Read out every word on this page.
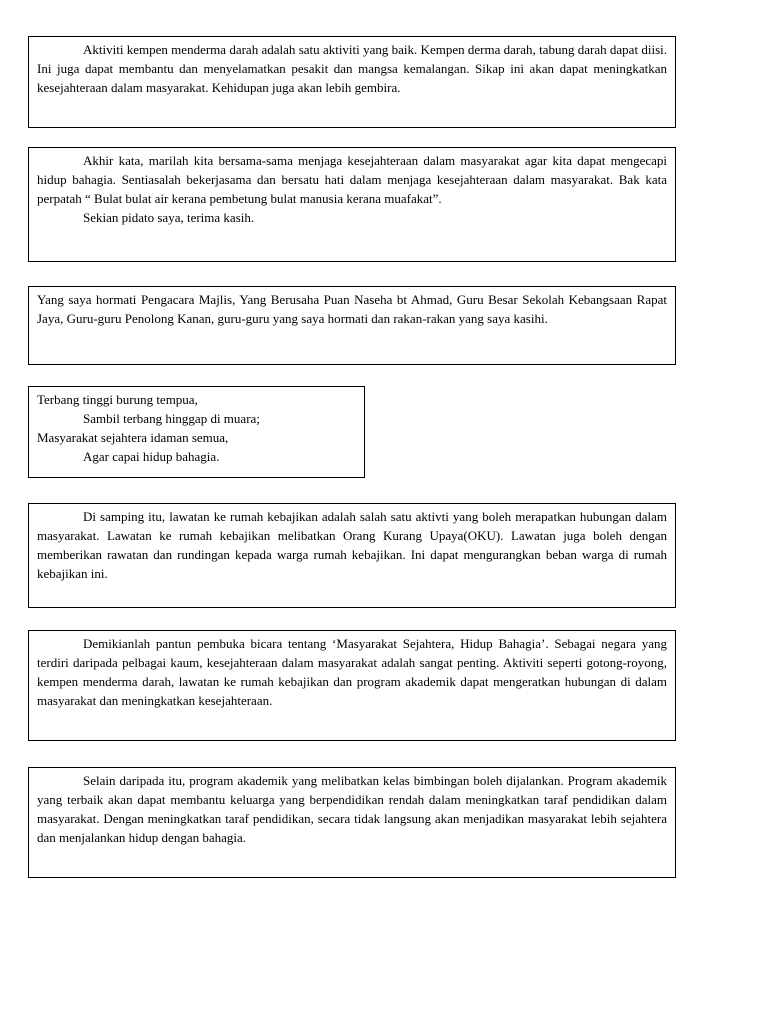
Aktiviti kempen menderma darah adalah satu aktiviti yang baik. Kempen derma darah, tabung darah dapat diisi. Ini juga dapat membantu dan menyelamatkan pesakit dan mangsa kemalangan. Sikap ini akan dapat meningkatkan kesejahteraan dalam masyarakat. Kehidupan juga akan lebih gembira.

Akhir kata, marilah kita bersama-sama menjaga kesejahteraan dalam masyarakat agar kita dapat mengecapi hidup bahagia. Sentiasalah bekerjasama dan bersatu hati dalam menjaga kesejahteraan dalam masyarakat. Bak kata perpatah “ Bulat bulat air kerana pembetung bulat manusia kerana muafakat”.

Sekian pidato saya, terima kasih.

Yang saya hormati Pengacara Majlis, Yang Berusaha Puan Naseha bt Ahmad, Guru Besar Sekolah Kebangsaan Rapat Jaya, Guru-guru Penolong Kanan, guru-guru yang saya hormati dan rakan-rakan yang saya kasihi.

Terbang tinggi burung tempua,
Sambil terbang hinggap di muara;
Masyarakat sejahtera idaman semua,
Agar capai hidup bahagia.

Di samping itu, lawatan ke rumah kebajikan adalah salah satu aktivti yang boleh merapatkan hubungan dalam masyarakat. Lawatan ke rumah kebajikan melibatkan Orang Kurang Upaya(OKU). Lawatan juga boleh dengan memberikan rawatan dan rundingan kepada warga rumah kebajikan. Ini dapat mengurangkan beban warga di rumah kebajikan ini.

Demikianlah pantun pembuka bicara tentang ‘Masyarakat Sejahtera, Hidup Bahagia’. Sebagai negara yang terdiri daripada pelbagai kaum, kesejahteraan dalam masyarakat adalah sangat penting. Aktiviti seperti gotong-royong, kempen menderma darah, lawatan ke rumah kebajikan dan program akademik dapat mengeratkan hubungan di dalam masyarakat dan meningkatkan kesejahteraan.

Selain daripada itu, program akademik yang melibatkan kelas bimbingan boleh dijalankan. Program akademik yang terbaik akan dapat membantu keluarga yang berpendidikan rendah dalam meningkatkan taraf pendidikan dalam masyarakat. Dengan meningkatkan taraf pendidikan, secara tidak langsung akan menjadikan masyarakat lebih sejahtera dan menjalankan hidup dengan bahagia.
